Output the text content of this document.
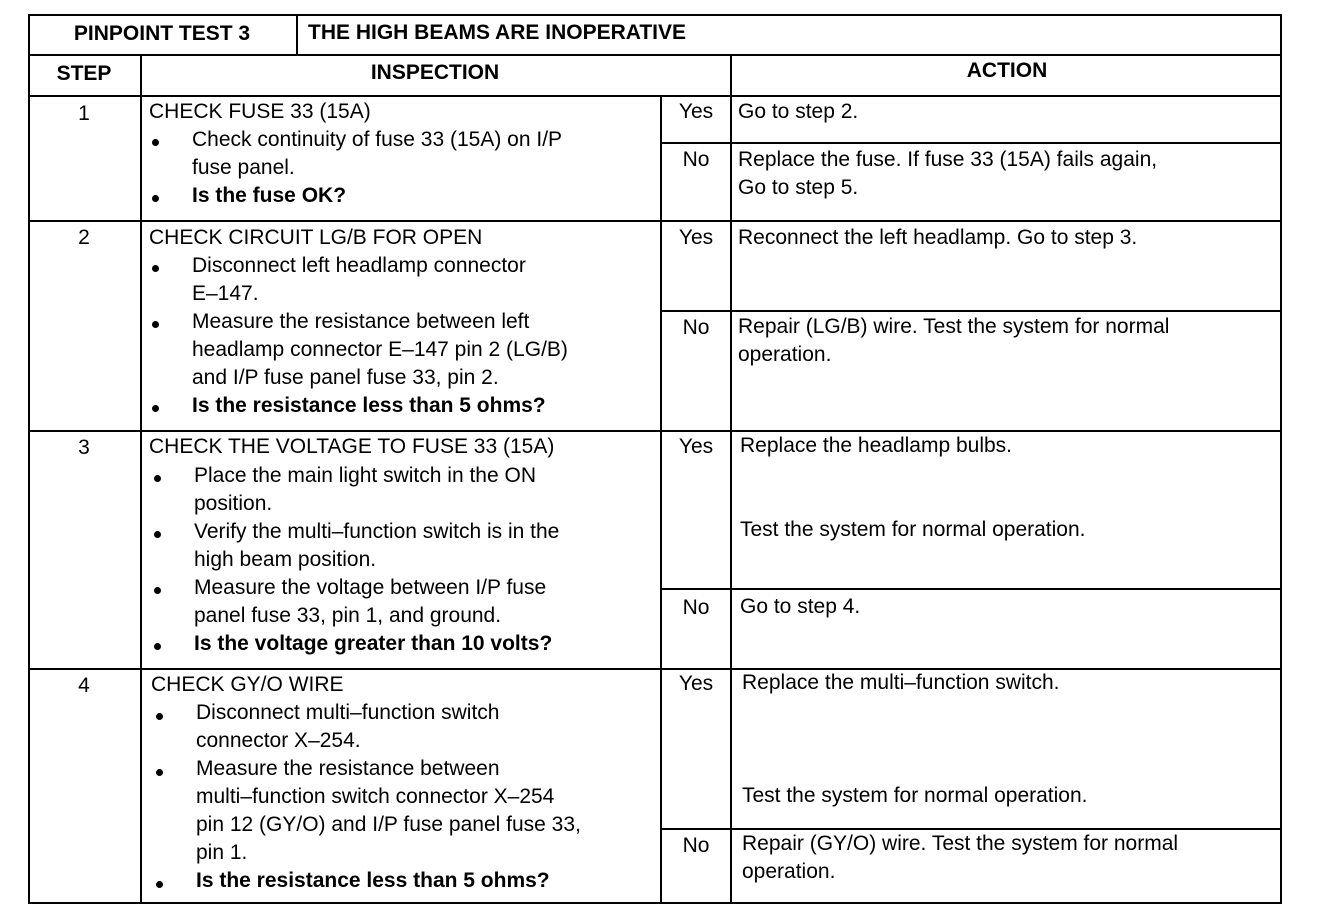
PINPOINT TEST 3	THE HIGH BEAMS ARE INOPERATIVE
STEP	INSPECTION	ACTION
1	CHECK FUSE 33 (15A)
Check continuity of fuse 33 (15A) on I/P
fuse panel.
Is the fuse OK?
Yes	Go to step 2.
No	Replace the fuse. If fuse 33 (15A) fails again,
Go to step 5.
2	CHECK CIRCUIT LG/B FOR OPEN
Disconnect left headlamp connector
E–147.
Measure the resistance between left
headlamp connector E–147 pin 2 (LG/B)
and I/P fuse panel fuse 33, pin 2.
Is the resistance less than 5 ohms?
Yes	Reconnect the left headlamp. Go to step 3.
No	Repair (LG/B) wire. Test the system for normal
operation.
3	CHECK THE VOLTAGE TO FUSE 33 (15A)
Place the main light switch in the ON
position.
Verify the multi–function switch is in the
high beam position.
Measure the voltage between I/P fuse
panel fuse 33, pin 1, and ground.
Is the voltage greater than 10 volts?
Yes	Replace the headlamp bulbs.
Test the system for normal operation.
No	Go to step 4.
4	CHECK GY/O WIRE
Disconnect multi–function switch
connector X–254.
Measure the resistance between
multi–function switch connector X–254
pin 12 (GY/O) and I/P fuse panel fuse 33,
pin 1.
Is the resistance less than 5 ohms?
Yes	Replace the multi–function switch.
Test the system for normal operation.
No	Repair (GY/O) wire. Test the system for normal
operation.
